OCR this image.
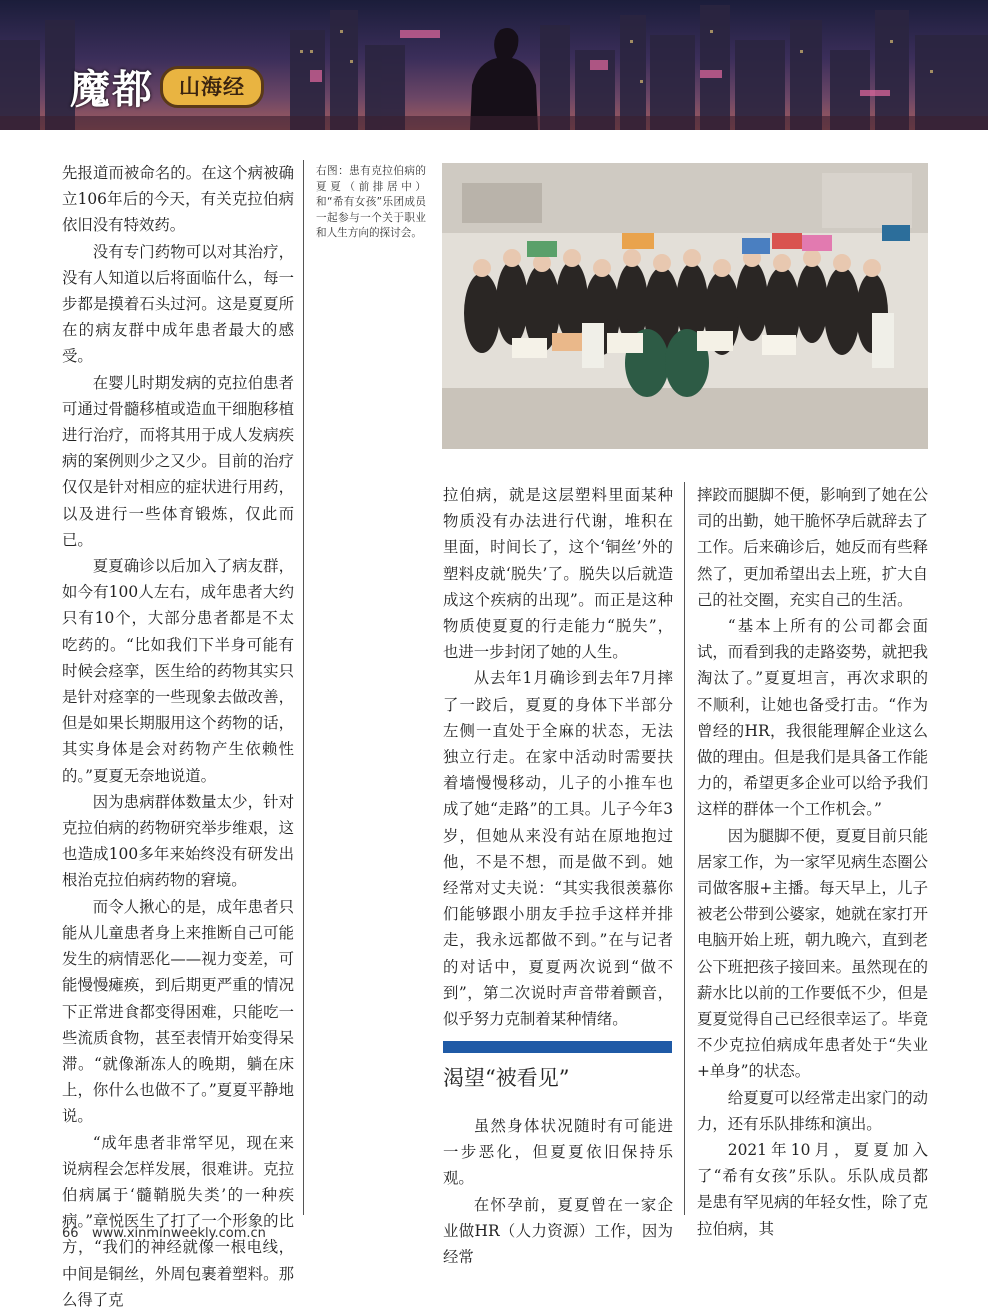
魔都	山海经

先报道而被命名的。在这个病被确立106年后的今天，有关克拉伯病依旧没有特效药。

没有专门药物可以对其治疗，没有人知道以后将面临什么，每一步都是摸着石头过河。这是夏夏所在的病友群中成年患者最大的感受。

在婴儿时期发病的克拉伯患者可通过骨髓移植或造血干细胞移植进行治疗，而将其用于成人发病疾病的案例则少之又少。目前的治疗仅仅是针对相应的症状进行用药，以及进行一些体育锻炼，仅此而已。

夏夏确诊以后加入了病友群，如今有100人左右，成年患者大约只有10个，大部分患者都是不太吃药的。“比如我们下半身可能有时候会痉挛，医生给的药物其实只是针对痉挛的一些现象去做改善，但是如果长期服用这个药物的话，其实身体是会对药物产生依赖性的。”夏夏无奈地说道。

因为患病群体数量太少，针对克拉伯病的药物研究举步维艰，这也造成100多年来始终没有研发出根治克拉伯病药物的窘境。

而令人揪心的是，成年患者只能从儿童患者身上来推断自己可能发生的病情恶化——视力变差，可能慢慢瘫痪，到后期更严重的情况下正常进食都变得困难，只能吃一些流质食物，甚至表情开始变得呆滞。“就像渐冻人的晚期，躺在床上，你什么也做不了。”夏夏平静地说。

“成年患者非常罕见，现在来说病程会怎样发展，很难讲。克拉伯病属于‘髓鞘脱失类’的一种疾病。”章悦医生了打了一个形象的比方，“我们的神经就像一根电线，中间是铜丝，外周包裹着塑料。那么得了克

右图：患有克拉伯病的夏夏（前排居中）和“希有女孩”乐团成员一起参与一个关于职业和人生方向的探讨会。

拉伯病，就是这层塑料里面某种物质没有办法进行代谢，堆积在里面，时间长了，这个‘铜丝’外的塑料皮就‘脱失’了。脱失以后就造成这个疾病的出现”。而正是这种物质使夏夏的行走能力“脱失”，也进一步封闭了她的人生。

从去年1月确诊到去年7月摔了一跤后，夏夏的身体下半部分左侧一直处于全麻的状态，无法独立行走。在家中活动时需要扶着墙慢慢移动，儿子的小推车也成了她“走路”的工具。儿子今年3岁，但她从来没有站在原地抱过他，不是不想，而是做不到。她经常对丈夫说：“其实我很羡慕你们能够跟小朋友手拉手这样并排走，我永远都做不到。”在与记者的对话中，夏夏两次说到“做不到”，第二次说时声音带着颤音，似乎努力克制着某种情绪。

渴望“被看见”

虽然身体状况随时有可能进一步恶化，但夏夏依旧保持乐观。

在怀孕前，夏夏曾在一家企业做HR（人力资源）工作，因为经常

摔跤而腿脚不便，影响到了她在公司的出勤，她干脆怀孕后就辞去了工作。后来确诊后，她反而有些释然了，更加希望出去上班，扩大自己的社交圈，充实自己的生活。

“基本上所有的公司都会面试，而看到我的走路姿势，就把我淘汰了。”夏夏坦言，再次求职的不顺利，让她也备受打击。“作为曾经的HR，我很能理解企业这么做的理由。但是我们是具备工作能力的，希望更多企业可以给予我们这样的群体一个工作机会。”

因为腿脚不便，夏夏目前只能居家工作，为一家罕见病生态圈公司做客服+主播。每天早上，儿子被老公带到公婆家，她就在家打开电脑开始上班，朝九晚六，直到老公下班把孩子接回来。虽然现在的薪水比以前的工作要低不少，但是夏夏觉得自己已经很幸运了。毕竟不少克拉伯病成年患者处于“失业+单身”的状态。

给夏夏可以经常走出家门的动力，还有乐队排练和演出。

2021年10月，夏夏加入了“希有女孩”乐队。乐队成员都是患有罕见病的年轻女性，除了克拉伯病，其

66 www.xinminweekly.com.cn
